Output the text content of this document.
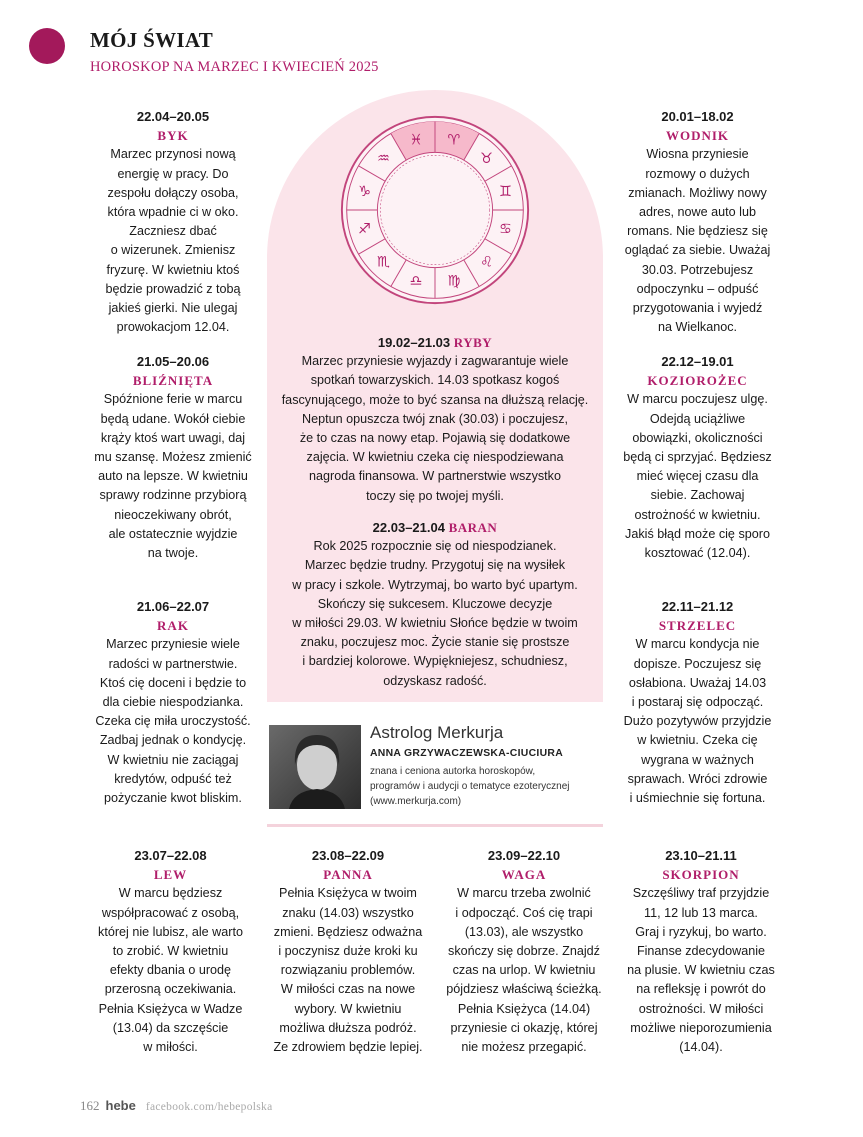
MÓJ ŚWIAT
HOROSKOP NA MARZEC I KWIECIEŃ 2025
♓ ♈
♉
♊
♋
♌
♍
♎
♏
♐
♑
♒
22.04–20.05
BYK
Marzec przynosi nową
energię w pracy. Do
zespołu dołączy osoba,
która wpadnie ci w oko.
Zaczniesz dbać
o wizerunek. Zmienisz
fryzurę. W kwietniu ktoś
będzie prowadzić z tobą
jakieś gierki. Nie ulegaj
prowokacjom 12.04.
21.05–20.06
BLIŹNIĘTA
Spóźnione ferie w marcu
będą udane. Wokół ciebie
krąży ktoś wart uwagi, daj
mu szansę. Możesz zmienić
auto na lepsze. W kwietniu
sprawy rodzinne przybiorą
nieoczekiwany obrót,
ale ostatecznie wyjdzie
na twoje.
21.06–22.07
RAK
Marzec przyniesie wiele
radości w partnerstwie.
Ktoś cię doceni i będzie to
dla ciebie niespodzianka.
Czeka cię miła uroczystość.
Zadbaj jednak o kondycję.
W kwietniu nie zaciągaj
kredytów, odpuść też
pożyczanie kwot bliskim.
20.01–18.02
WODNIK
Wiosna przyniesie
rozmowy o dużych
zmianach. Możliwy nowy
adres, nowe auto lub
romans. Nie będziesz się
oglądać za siebie. Uważaj
30.03. Potrzebujesz
odpoczynku – odpuść
przygotowania i wyjedź
na Wielkanoc.
22.12–19.01
KOZIOROŻEC
W marcu poczujesz ulgę.
Odejdą uciążliwe
obowiązki, okoliczności
będą ci sprzyjać. Będziesz
mieć więcej czasu dla
siebie. Zachowaj
ostrożność w kwietniu.
Jakiś błąd może cię sporo
kosztować (12.04).
22.11–21.12
STRZELEC
W marcu kondycja nie
dopisze. Poczujesz się
osłabiona. Uważaj 14.03
i postaraj się odpocząć.
Dużo pozytywów przyjdzie
w kwietniu. Czeka cię
wygrana w ważnych
sprawach. Wróci zdrowie
i uśmiechnie się fortuna.
19.02–21.03 RYBY
Marzec przyniesie wyjazdy i zagwarantuje wiele
spotkań towarzyskich. 14.03 spotkasz kogoś
fascynującego, może to być szansa na dłuższą relację.
Neptun opuszcza twój znak (30.03) i poczujesz,
że to czas na nowy etap. Pojawią się dodatkowe
zajęcia. W kwietniu czeka cię niespodziewana
nagroda finansowa. W partnerstwie wszystko
toczy się po twojej myśli.
22.03–21.04 BARAN
Rok 2025 rozpocznie się od niespodzianek.
Marzec będzie trudny. Przygotuj się na wysiłek
w pracy i szkole. Wytrzymaj, bo warto być upartym.
Skończy się sukcesem. Kluczowe decyzje
w miłości 29.03. W kwietniu Słońce będzie w twoim
znaku, poczujesz moc. Życie stanie się prostsze
i bardziej kolorowe. Wypiękniejesz, schudniesz,
odzyskasz radość.
Astrolog Merkurja
ANNA GRZYWACZEWSKA-CIUCIURA
znana i ceniona autorka horoskopów,
programów i audycji o tematyce ezoterycznej
(www.merkurja.com)
23.07–22.08
LEW
W marcu będziesz
współpracować z osobą,
której nie lubisz, ale warto
to zrobić. W kwietniu
efekty dbania o urodę
przerosną oczekiwania.
Pełnia Księżyca w Wadze
(13.04) da szczęście
w miłości.
23.08–22.09
PANNA
Pełnia Księżyca w twoim
znaku (14.03) wszystko
zmieni. Będziesz odważna
i poczynisz duże kroki ku
rozwiązaniu problemów.
W miłości czas na nowe
wybory. W kwietniu
możliwa dłuższa podróż.
Ze zdrowiem będzie lepiej.
23.09–22.10
WAGA
W marcu trzeba zwolnić
i odpocząć. Coś cię trapi
(13.03), ale wszystko
skończy się dobrze. Znajdź
czas na urlop. W kwietniu
pójdziesz właściwą ścieżką.
Pełnia Księżyca (14.04)
przyniesie ci okazję, której
nie możesz przegapić.
23.10–21.11
SKORPION
Szczęśliwy traf przyjdzie
11, 12 lub 13 marca.
Graj i ryzykuj, bo warto.
Finanse zdecydowanie
na plusie. W kwietniu czas
na refleksję i powrót do
ostrożności. W miłości
możliwe nieporozumienia
(14.04).
162 hebe facebook.com/hebepolska
